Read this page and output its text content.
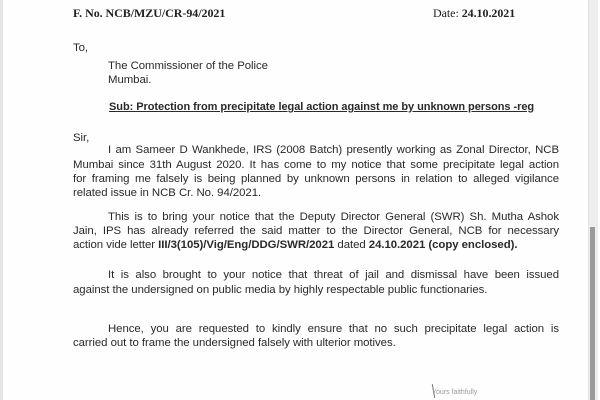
F. No. NCB/MZU/CR-94/2021	Date: 24.10.2021
To,
The Commissioner of the Police
Mumbai.
Sub: Protection from precipitate legal action against me by unknown persons -reg
Sir,
I am Sameer D Wankhede, IRS (2008 Batch) presently working as Zonal Director, NCB
Mumbai since 31th August 2020. It has come to my notice that some precipitate legal action
for framing me falsely is being planned by unknown persons in relation to alleged vigilance
related issue in NCB Cr. No. 94/2021.
This is to bring your notice that the Deputy Director General (SWR) Sh. Mutha Ashok
Jain, IPS has already referred the said matter to the Director General, NCB for necessary
action vide letter III/3(105)/Vig/Eng/DDG/SWR/2021 dated 24.10.2021 (copy enclosed).
It is also brought to your notice that threat of jail and dismissal have been issued
against the undersigned on public media by highly respectable public functionaries.
Hence, you are requested to kindly ensure that no such precipitate legal action is
carried out to frame the undersigned falsely with ulterior motives.
Yours faithfully
